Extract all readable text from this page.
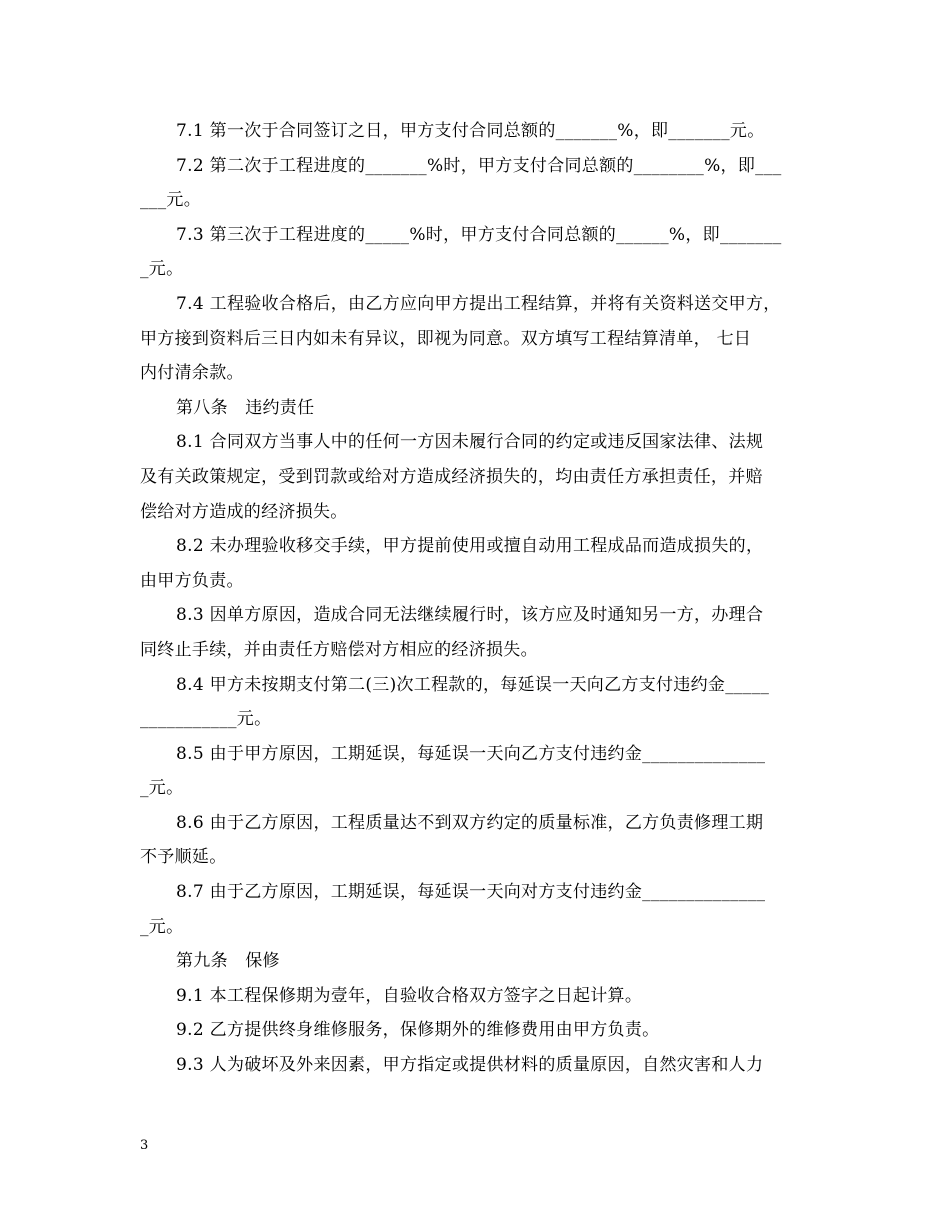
7.1 第一次于合同签订之日，甲方支付合同总额的_______%，即_______元。
7.2 第二次于工程进度的_______%时，甲方支付合同总额的________%，即___
___元。
7.3 第三次于工程进度的_____%时，甲方支付合同总额的______%，即_______
_元。
7.4 工程验收合格后，由乙方应向甲方提出工程结算，并将有关资料送交甲方，
甲方接到资料后三日内如未有异议，即视为同意。双方填写工程结算清单， 七日
内付清余款。
第八条　违约责任
8.1 合同双方当事人中的任何一方因未履行合同的约定或违反国家法律、法规
及有关政策规定，受到罚款或给对方造成经济损失的，均由责任方承担责任，并赔
偿给对方造成的经济损失。
8.2 未办理验收移交手续，甲方提前使用或擅自动用工程成品而造成损失的，
由甲方负责。
8.3 因单方原因，造成合同无法继续履行时，该方应及时通知另一方，办理合
同终止手续，并由责任方赔偿对方相应的经济损失。
8.4 甲方未按期支付第二(三)次工程款的，每延误一天向乙方支付违约金_____
___________元。
8.5 由于甲方原因，工期延误，每延误一天向乙方支付违约金______________
_元。
8.6 由于乙方原因，工程质量达不到双方约定的质量标准，乙方负责修理工期
不予顺延。
8.7 由于乙方原因，工期延误，每延误一天向对方支付违约金______________
_元。
第九条　保修
9.1 本工程保修期为壹年，自验收合格双方签字之日起计算。
9.2 乙方提供终身维修服务，保修期外的维修费用由甲方负责。
9.3 人为破坏及外来因素，甲方指定或提供材料的质量原因，自然灾害和人力
3
